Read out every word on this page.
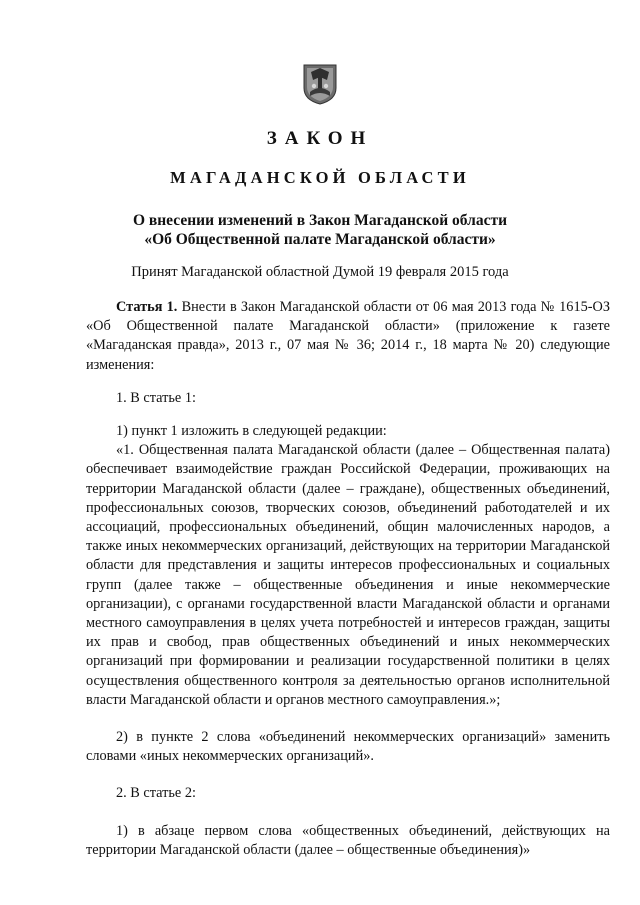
ЗАКОН
МАГАДАНСКОЙ ОБЛАСТИ
О внесении изменений в Закон Магаданской области
«Об Общественной палате Магаданской области»
Принят Магаданской областной Думой 19 февраля 2015 года

Статья 1. Внести в Закон Магаданской области от 06 мая 2013 года № 1615-ОЗ «Об Общественной палате Магаданской области» (приложение к газете «Магаданская правда», 2013 г., 07 мая № 36; 2014 г., 18 марта № 20) следующие изменения:

1. В статье 1:

1) пункт 1 изложить в следующей редакции:

«1. Общественная палата Магаданской области (далее – Общественная палата) обеспечивает взаимодействие граждан Российской Федерации, проживающих на территории Магаданской области (далее – граждане), общественных объединений, профессиональных союзов, творческих союзов, объединений работодателей и их ассоциаций, профессиональных объединений, общин малочисленных народов, а также иных некоммерческих организаций, действующих на территории Магаданской области для представления и защиты интересов профессиональных и социальных групп (далее также – общественные объединения и иные некоммерческие организации), с органами государственной власти Магаданской области и органами местного самоуправления в целях учета потребностей и интересов граждан, защиты их прав и свобод, прав общественных объединений и иных некоммерческих организаций при формировании и реализации государственной политики в целях осуществления общественного контроля за деятельностью органов исполнительной власти Магаданской области и органов местного самоуправления.»;

2) в пункте 2 слова «объединений некоммерческих организаций» заменить словами «иных некоммерческих организаций».

2. В статье 2:

1) в абзаце первом слова «общественных объединений, действующих на территории Магаданской области (далее – общественные объединения)»
